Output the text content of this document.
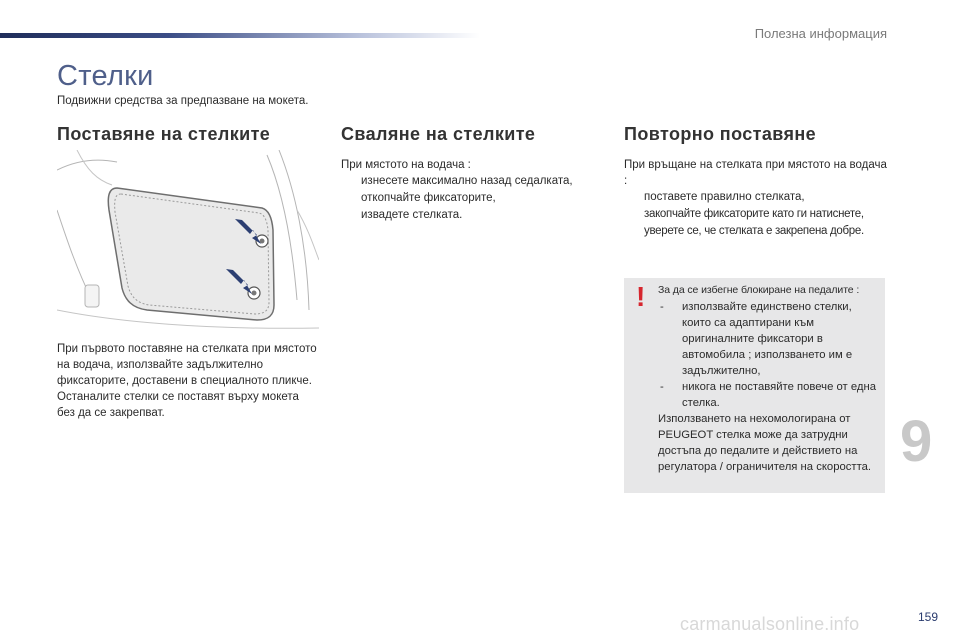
Полезна информация
Стелки
Подвижни средства за предпазване на мокета.
Поставяне на стелките

При първото поставяне на стелката при мястото на водача, използвайте задължително фиксаторите, доставени в специалното пликче.

Останалите стелки се поставят върху мокета без да се закрепват.

Сваляне на стелките

При мястото на водача :

изнесете максимално назад седалката,
откопчайте фиксаторите,
извадете стелката.
Повторно поставяне

При връщане на стелката при мястото на водача :

поставете правилно стелката,
закопчайте фиксаторите като ги натиснете,
уверете се, че стелката е закрепена добре.
! За да се избегне блокиране на педалите :
- използвайте единствено стелки, които са адаптирани към оригиналните фиксатори в автомобила ; използването им е задължително,
- никога не поставяйте повече от една стелка.
Използването на нехомологирана от PEUGEOT стелка може да затрудни достъпа до педалите и действието на регулатора / ограничителя на скоростта. 9
carmanualsonline.info	159
